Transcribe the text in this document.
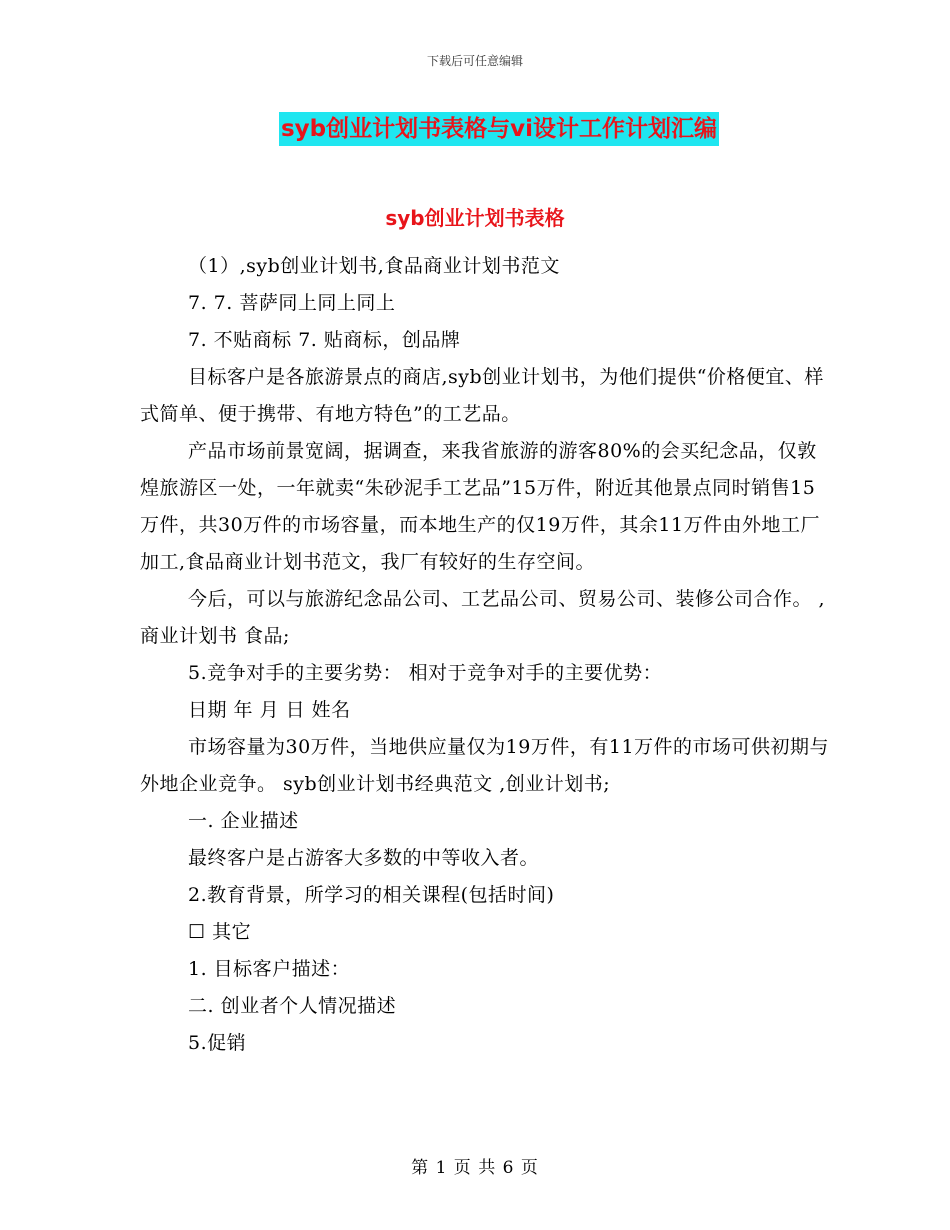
下载后可任意编辑
syb创业计划书表格与vi设计工作计划汇编
syb创业计划书表格

（1）,syb创业计划书,食品商业计划书范文

7. 7. 菩萨同上同上同上

7. 不贴商标 7. 贴商标，创品牌

目标客户是各旅游景点的商店,syb创业计划书，为他们提供“价格便宜、样式简单、便于携带、有地方特色”的工艺品。

产品市场前景宽阔，据调查，来我省旅游的游客80%的会买纪念品，仅敦煌旅游区一处，一年就卖“朱砂泥手工艺品”15万件，附近其他景点同时销售15万件，共30万件的市场容量，而本地生产的仅19万件，其余11万件由外地工厂加工,食品商业计划书范文，我厂有较好的生存空间。

今后，可以与旅游纪念品公司、工艺品公司、贸易公司、装修公司合作。 ,商业计划书 食品;

5.竞争对手的主要劣势： 相对于竞争对手的主要优势：

日期 年 月 日 姓名

市场容量为30万件，当地供应量仅为19万件，有11万件的市场可供初期与外地企业竞争。 syb创业计划书经典范文 ,创业计划书;

一. 企业描述

最终客户是占游客大多数的中等收入者。

2.教育背景，所学习的相关课程(包括时间)

☐ 其它

1. 目标客户描述：

二. 创业者个人情况描述

5.促销

第 1 页 共 6 页
